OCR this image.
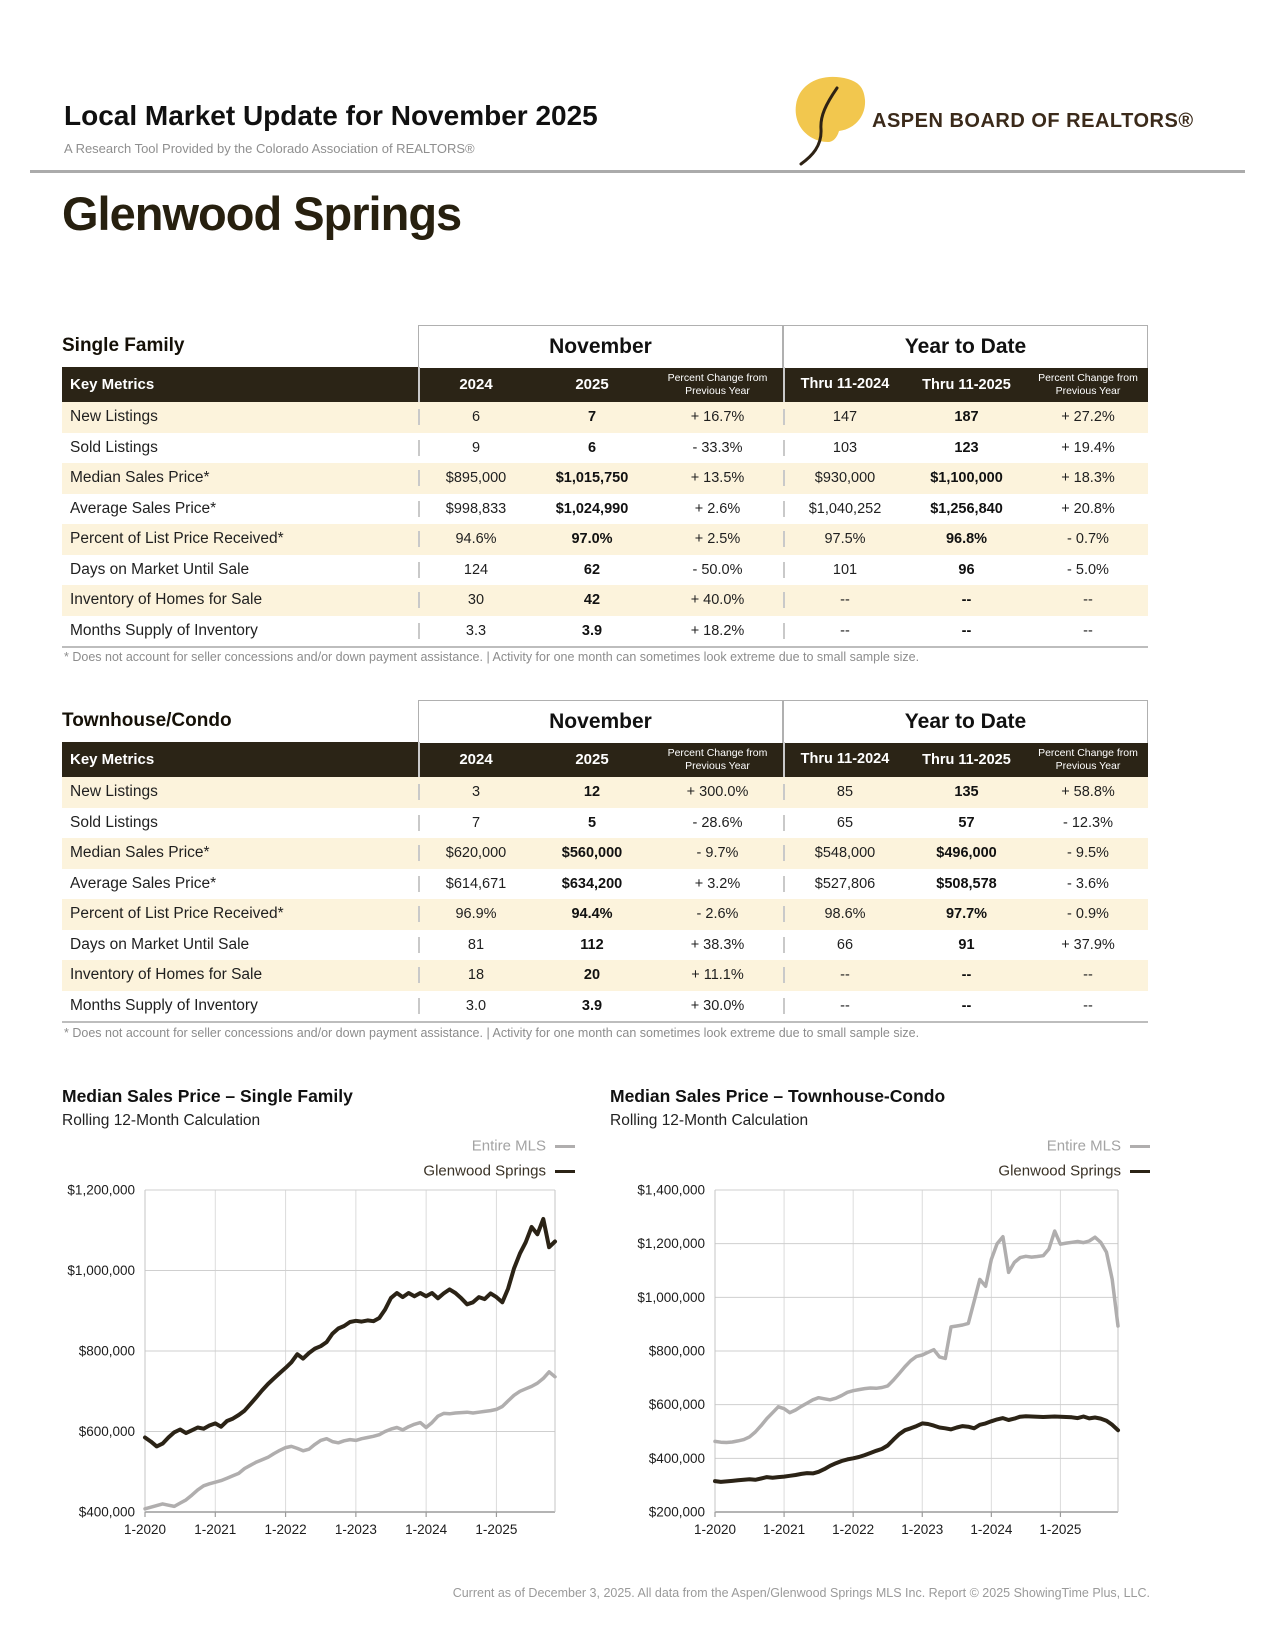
Local Market Update for November 2025
A Research Tool Provided by the Colorado Association of REALTORS®
ASPEN BOARD OF REALTORS®
Glenwood Springs
Single Family	November	Year to Date
Key Metrics	2024	2025	Percent Change from Previous Year	Thru 11-2024	Thru 11-2025	Percent Change from Previous Year
New Listings	6	7	+ 16.7%	147	187	+ 27.2%
Sold Listings	9	6	- 33.3%	103	123	+ 19.4%
Median Sales Price*	$895,000	$1,015,750	+ 13.5%	$930,000	$1,100,000	+ 18.3%
Average Sales Price*	$998,833	$1,024,990	+ 2.6%	$1,040,252	$1,256,840	+ 20.8%
Percent of List Price Received*	94.6%	97.0%	+ 2.5%	97.5%	96.8%	- 0.7%
Days on Market Until Sale	124	62	- 50.0%	101	96	- 5.0%
Inventory of Homes for Sale	30	42	+ 40.0%	--	--	--
Months Supply of Inventory	3.3	3.9	+ 18.2%	--	--	--
* Does not account for seller concessions and/or down payment assistance. | Activity for one month can sometimes look extreme due to small sample size.
Townhouse/Condo	November	Year to Date
Key Metrics	2024	2025	Percent Change from Previous Year	Thru 11-2024	Thru 11-2025	Percent Change from Previous Year
New Listings	3	12	+ 300.0%	85	135	+ 58.8%
Sold Listings	7	5	- 28.6%	65	57	- 12.3%
Median Sales Price*	$620,000	$560,000	- 9.7%	$548,000	$496,000	- 9.5%
Average Sales Price*	$614,671	$634,200	+ 3.2%	$527,806	$508,578	- 3.6%
Percent of List Price Received*	96.9%	94.4%	- 2.6%	98.6%	97.7%	- 0.9%
Days on Market Until Sale	81	112	+ 38.3%	66	91	+ 37.9%
Inventory of Homes for Sale	18	20	+ 11.1%	--	--	--
Months Supply of Inventory	3.0	3.9	+ 30.0%	--	--	--
* Does not account for seller concessions and/or down payment assistance. | Activity for one month can sometimes look extreme due to small sample size.
Median Sales Price – Single Family
Rolling 12-Month Calculation
Entire MLS
Glenwood Springs
1-2020 1-2021 1-2022 1-2023 1-2024 1-2025
$400,000
$600,000
$800,000
$1,000,000
$1,200,000
Median Sales Price – Townhouse-Condo
Rolling 12-Month Calculation
Entire MLS
Glenwood Springs
1-2020 1-2021 1-2022 1-2023 1-2024 1-2025
$200,000
$400,000
$600,000
$800,000
$1,000,000
$1,200,000
$1,400,000
Current as of December 3, 2025. All data from the Aspen/Glenwood Springs MLS Inc. Report © 2025 ShowingTime Plus, LLC.
